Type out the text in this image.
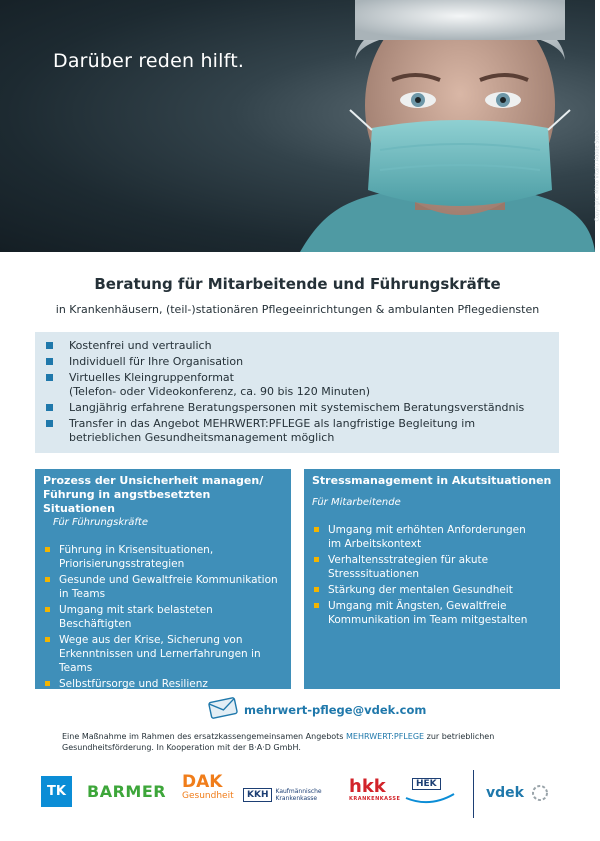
Darüber reden hilft.
Copyright: Mirko Vitali / Adobe Stock
Beratung für Mitarbeitende und Führungskräfte
in Krankenhäusern, (teil-)stationären Pflegeeinrichtungen & ambulanten Pflegediensten
Kostenfrei und vertraulich
Individuell für Ihre Organisation
Virtuelles Kleingruppenformat
(Telefon- oder Videokonferenz, ca. 90 bis 120 Minuten)
Langjährig erfahrene Beratungspersonen mit systemischem Beratungsverständnis
Transfer in das Angebot MEHRWERT:PFLEGE als langfristige Begleitung im
betrieblichen Gesundheitsmanagement möglich
Prozess der Unsicherheit managen/
Führung in angstbesetzten Situationen
Für Führungskräfte
Führung in Krisensituationen,
Priorisierungsstrategien
Gesunde und Gewaltfreie Kommunikation
in Teams
Umgang mit stark belasteten
Beschäftigten
Wege aus der Krise, Sicherung von
Erkenntnissen und Lernerfahrungen in
Teams
Selbstfürsorge und Resilienz
Stressmanagement in Akutsituationen
Für Mitarbeitende
Umgang mit erhöhten Anforderungen
im Arbeitskontext
Verhaltensstrategien für akute
Stresssituationen
Stärkung der mentalen Gesundheit
Umgang mit Ängsten, Gewaltfreie
Kommunikation im Team mitgestalten
mehrwert-pflege@vdek.com
Eine Maßnahme im Rahmen des ersatzkassengemeinsamen Angebots MEHRWERT:PFLEGE zur betrieblichen Gesundheitsförderung. In Kooperation mit der B·A·D GmbH.
TK	BARMER DAK
Gesundheit	KKH Kaufmännische
Krankenkasse
hkk
KRANKENKASSE
HEK
vdek
